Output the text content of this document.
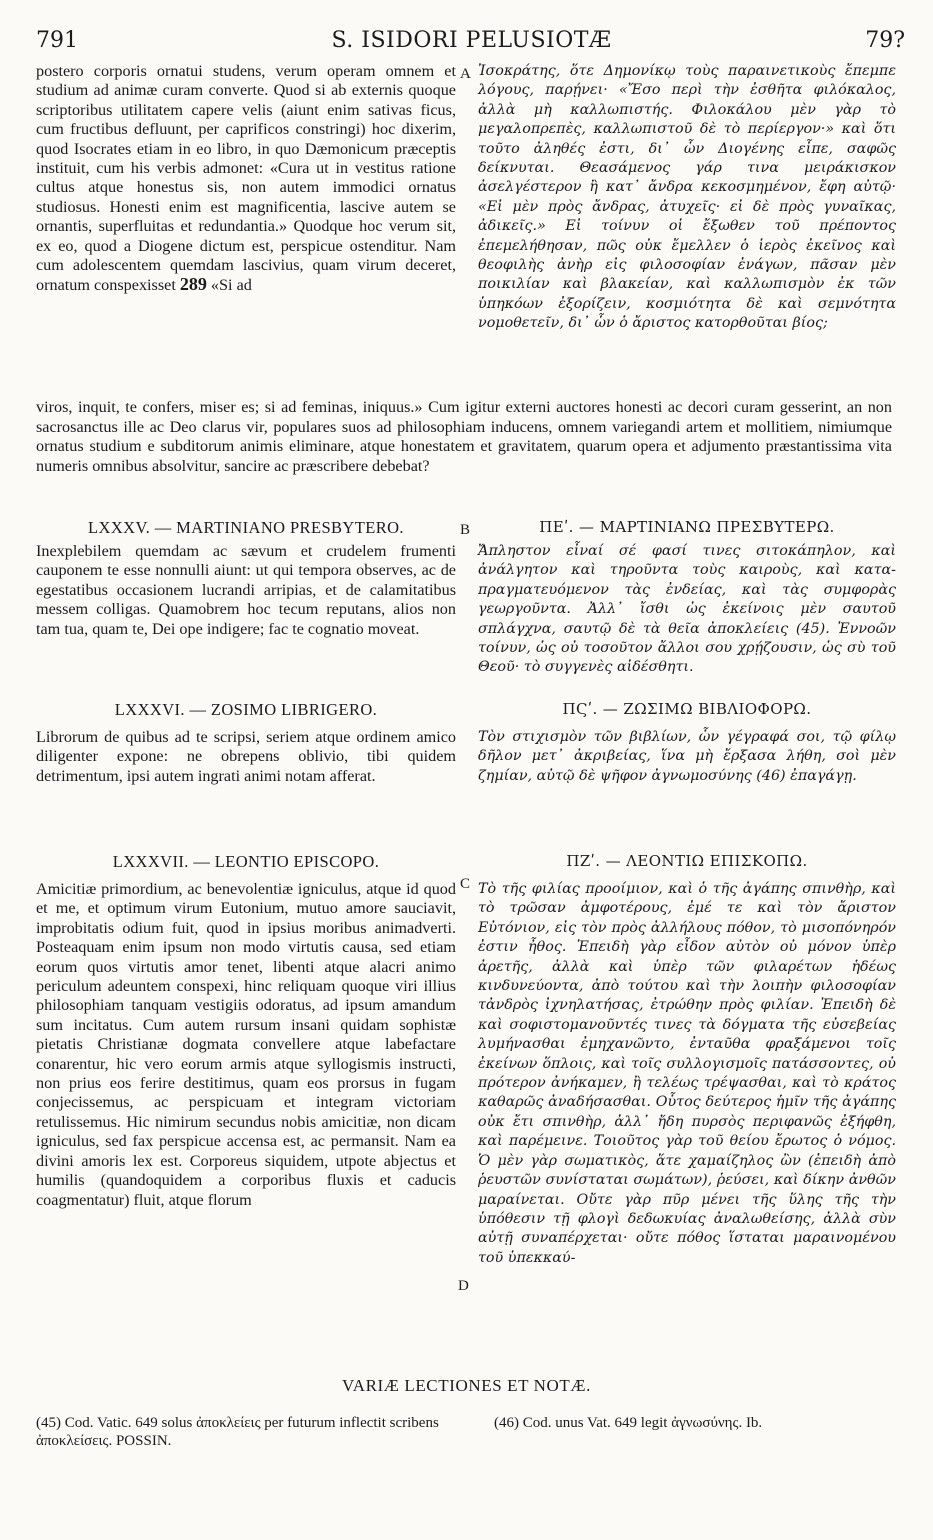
791	S. ISIDORI PELUSIOTÆ	79?

postero corporis ornatui studens, verum operam omnem et studium ad animæ curam converte. Quod si ab externis quoque scriptoribus utilitatem capere velis (aiunt enim sativas ficus, cum fructibus defluunt, per caprificos constringi) hoc dixerim, quod Isocrates etiam in eo libro, in quo Dæmonicum præceptis instituit, cum his verbis admonet: «Cura ut in vestitus ratione cultus atque honestus sis, non autem immodici ornatus studiosus. Honesti enim est magnificentia, lascive autem se ornantis, superfluitas et redundantia.» Quodque hoc verum sit, ex eo, quod a Diogene dictum est, perspicue ostenditur. Nam cum adolescentem quemdam lascivius, quam virum deceret, ornatum conspexisset 289 «Si ad

A Ἰσοκράτης, ὅτε Δημονίκῳ τοὺς παραινετικοὺς ἔπεμπε λόγους, παρῄνει· «Ἔσο περὶ τὴν ἐσθῆτα φιλόκαλος, ἀλλὰ μὴ καλλωπιστής. Φιλοκάλου μὲν γὰρ τὸ μεγαλοπρεπὲς, καλλωπιστοῦ δὲ τὸ περίεργον·» καὶ ὅτι τοῦτο ἀληθές ἐστι, δι᾽ ὧν Διογένης εἶπε, σαφῶς δείκνυται. Θεασάμενος γάρ τινα μειράκισκον ἀσελγέστερον ἢ κατ᾽ ἄνδρα κεκοσμημένον, ἔφη αὐτῷ· «Εἰ μὲν πρὸς ἄνδρας, ἀτυχεῖς· εἰ δὲ πρὸς γυναῖκας, ἀδικεῖς.» Εἰ τοίνυν οἱ ἔξωθεν τοῦ πρέποντος ἐπεμελήθησαν, πῶς οὐκ ἔμελλεν ὁ ἱερὸς ἐκεῖνος καὶ θεοφιλὴς ἀνὴρ εἰς φιλοσοφίαν ἐνάγων, πᾶσαν μὲν ποικιλίαν καὶ βλακείαν, καὶ καλλωπισμὸν ἐκ τῶν ὑπηκόων ἐξορίζειν, κοσμιότητα δὲ καὶ σεμνότητα νομοθετεῖν, δι᾽ ὧν ὁ ἄριστος κατορθοῦται βίος;

viros, inquit, te confers, miser es; si ad feminas, iniquus.» Cum igitur externi auctores honesti ac decori curam gesserint, an non sacrosanctus ille ac Deo clarus vir, populares suos ad philosophiam inducens, omnem variegandi artem et mollitiem, nimiumque ornatus studium e subditorum animis eliminare, atque honestatem et gravitatem, quarum opera et adjumento præstantissima vita numeris omnibus absolvitur, sancire ac præscribere debebat?

LXXXV. — MARTINIANO PRESBYTERO.	B	ΠΕʹ. — ΜΑΡΤΙΝΙΑΝΩ ΠΡΕΣΒΥΤΕΡΩ.

Inexplebilem quemdam ac sævum et crudelem frumenti cauponem te esse nonnulli aiunt: ut qui tempora observes, ac de egestatibus occasionem lucrandi arripias, et de calamitatibus messem colligas. Quamobrem hoc tecum reputans, alios non tam tua, quam te, Dei ope indigere; fac te cognatio moveat.

Ἄπληστον εἶναί σέ φασί τινες σιτοκάπηλον, καὶ ἀνάλγητον καὶ τηροῦντα τοὺς καιροὺς, καὶ καταπραγματευόμενον τὰς ἐνδείας, καὶ τὰς συμφορὰς γεωργοῦντα. Ἀλλ᾽ ἴσθι ὡς ἐκείνοις μὲν σαυτοῦ σπλάγχνα, σαυτῷ δὲ τὰ θεῖα ἀποκλείεις (45). Ἐννοῶν τοίνυν, ὡς οὐ τοσοῦτον ἄλλοι σου χρῄζουσιν, ὡς σὺ τοῦ Θεοῦ· τὸ συγγενὲς αἰδέσθητι.

LXXXVI. — ZOSIMO LIBRIGERO.	ΠϚʹ. — ΖΩΣΙΜΩ ΒΙΒΛΙΟΦΟΡΩ.

Librorum de quibus ad te scripsi, seriem atque ordinem amico diligenter expone: ne obrepens oblivio, tibi quidem detrimentum, ipsi autem ingrati animi notam afferat.

Τὸν στιχισμὸν τῶν βιβλίων, ὧν γέγραφά σοι, τῷ φίλῳ δῆλον μετ᾽ ἀκριβείας, ἵνα μὴ ἔρξασα λήθη, σοὶ μὲν ζημίαν, αὐτῷ δὲ ψῆφον ἀγνωμοσύνης (46) ἐπαγάγῃ.

LXXXVII. — LEONTIO EPISCOPO.
C
ΠΖʹ. — ΛΕΟΝΤΙΩ ΕΠΙΣΚΟΠΩ.

Amicitiæ primordium, ac benevolentiæ igniculus, atque id quod et me, et optimum virum Eutonium, mutuo amore sauciavit, improbitatis odium fuit, quod in ipsius moribus animadverti. Posteaquam enim ipsum non modo virtutis causa, sed etiam eorum quos virtutis amor tenet, libenti atque alacri animo periculum adeuntem conspexi, hinc reliquam quoque viri illius philosophiam tanquam vestigiis odoratus, ad ipsum amandum sum incitatus. Cum autem rursum insani quidam sophistæ pietatis Christianæ dogmata convellere atque labefactare conarentur, hic vero eorum armis atque syllogismis instructi, non prius eos ferire destitimus, quam eos prorsus in fugam conjecissemus, ac perspicuam et integram victoriam retulissemus. Hic nimirum secundus nobis amicitiæ, non dicam igniculus, sed fax perspicue accensa est, ac permansit. Nam ea divini amoris lex est. Corporeus siquidem, utpote abjectus et humilis (quandoquidem a corporibus fluxis et caducis coagmentatur) fluit, atque florum

D

Τὸ τῆς φιλίας προοίμιον, καὶ ὁ τῆς ἀγάπης σπινθὴρ, καὶ τὸ τρῶσαν ἀμφοτέρους, ἐμέ τε καὶ τὸν ἄριστον Εὐτόνιον, εἰς τὸν πρὸς ἀλλήλους πόθον, τὸ μισοπόνηρόν ἐστιν ἦθος. Ἐπειδὴ γὰρ εἶδον αὐτὸν οὐ μόνον ὑπὲρ ἀρετῆς, ἀλλὰ καὶ ὑπὲρ τῶν φιλαρέτων ἡδέως κινδυνεύοντα, ἀπὸ τούτου καὶ τὴν λοιπὴν φιλοσοφίαν τἀνδρὸς ἰχνηλατήσας, ἐτρώθην πρὸς φιλίαν. Ἐπειδὴ δὲ καὶ σοφιστομανοῦντές τινες τὰ δόγματα τῆς εὐσεβείας λυμήνασθαι ἐμηχανῶντο, ἐνταῦθα φραξάμενοι τοῖς ἐκείνων ὅπλοις, καὶ τοῖς συλλογισμοῖς πατάσσοντες, οὐ πρότερον ἀνήκαμεν, ἢ τελέως τρέψασθαι, καὶ τὸ κράτος καθαρῶς ἀναδήσασθαι. Οὗτος δεύτερος ἡμῖν τῆς ἀγάπης οὐκ ἔτι σπινθὴρ, ἀλλ᾽ ἤδη πυρσὸς περιφανῶς ἐξήφθη, καὶ παρέμεινε. Τοιοῦτος γὰρ τοῦ θείου ἔρωτος ὁ νόμος. Ὁ μὲν γὰρ σωματικὸς, ἅτε χαμαίζηλος ὢν (ἐπειδὴ ἀπὸ ῥευστῶν συνίσταται σωμάτων), ῥεύσει, καὶ δίκην ἀνθῶν μαραίνεται. Οὔτε γὰρ πῦρ μένει τῆς ὕλης τῆς τὴν ὑπόθεσιν τῇ φλογὶ δεδωκυίας ἀναλωθείσης, ἀλλὰ σὺν αὐτῇ συναπέρχεται· οὔτε πόθος ἵσταται μαραινομένου τοῦ ὑπεκκαύ-

VARIÆ LECTIONES ET NOTÆ.
(45) Cod. Vatic. 649 solus ἀποκλείεις per futurum inflectit scribens ἀποκλείσεις. POSSIN.
(46) Cod. unus Vat. 649 legit ἀγνωσύνης. Ib.
